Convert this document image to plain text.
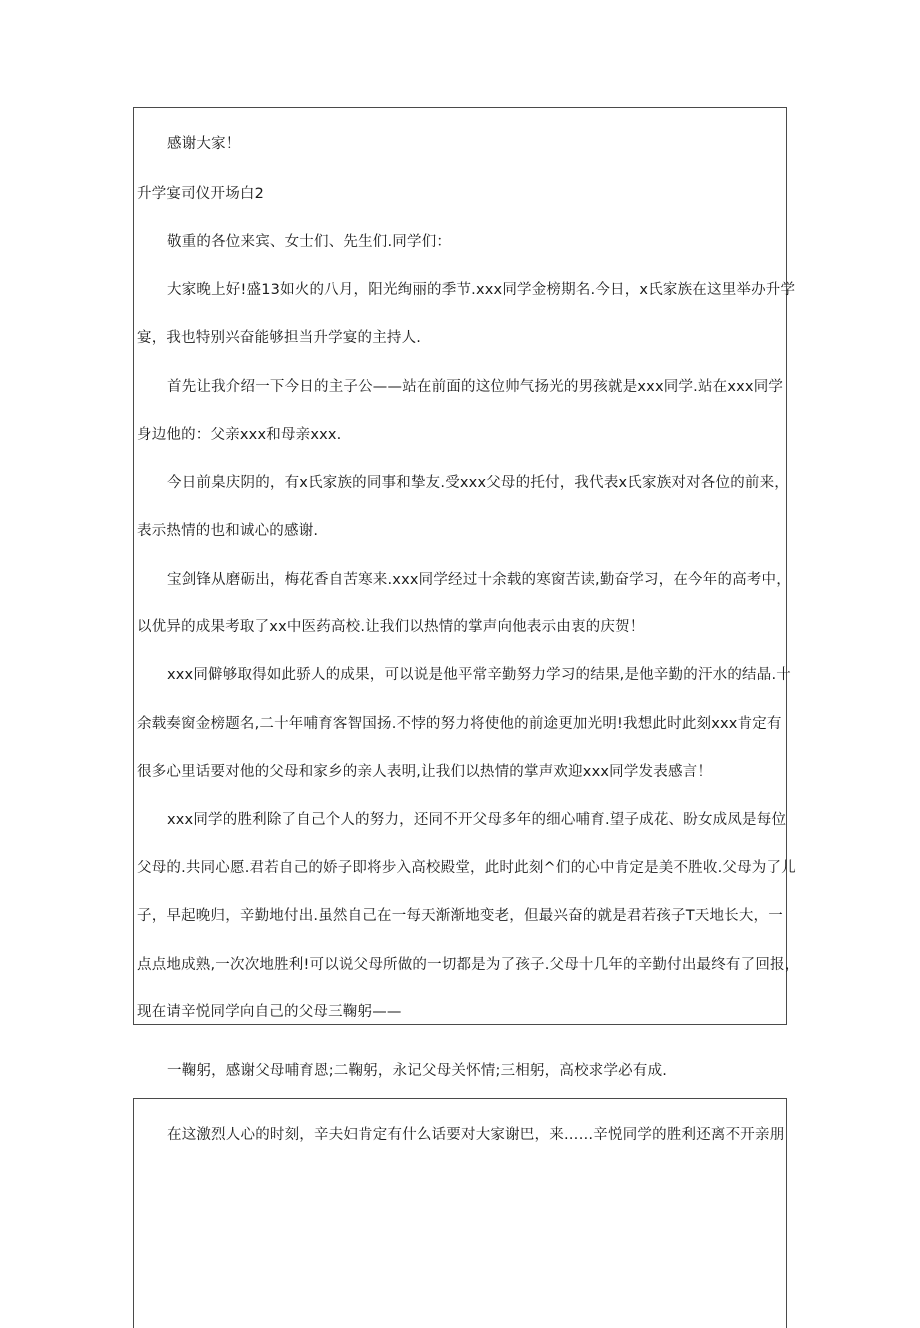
感谢大家！
升学宴司仪开场白2
敬重的各位来宾、女士们、先生们.同学们：
大家晚上好!盛13如火的八月，阳光绚丽的季节.xxx同学金榜期名.今日，x氏家族在这里举办升学
宴，我也特别兴奋能够担当升学宴的主持人.
首先让我介绍一下今日的主子公——站在前面的这位帅气扬光的男孩就是xxx同学.站在xxx同学
身边他的：父亲xxx和母亲xxx.
今日前臬庆阴的，有x氏家族的同事和挚友.受xxx父母的托付，我代表x氏家族对对各位的前来，
表示热情的也和诚心的感谢.
宝剑锋从磨砺出，梅花香自苦寒来.xxx同学经过十余载的寒窗苦读,勤奋学习，在今年的高考中，
以优异的成果考取了xx中医药高校.让我们以热情的掌声向他表示由衷的庆贺！
xxx同僻够取得如此骄人的成果，可以说是他平常辛勤努力学习的结果,是他辛勤的汗水的结晶.十
余载奏窗金榜题名,二十年哺育客智国扬.不悖的努力将使他的前途更加光明!我想此时此刻xxx肯定有
很多心里话要对他的父母和家乡的亲人表明,让我们以热情的掌声欢迎xxx同学发表感言！
xxx同学的胜利除了自己个人的努力，还同不开父母多年的细心哺育.望子成花、盼女成凤是每位
父母的.共同心愿.君若自己的娇子即将步入高校殿堂，此时此刻^们的心中肯定是美不胜收.父母为了儿
子，早起晚归，辛勤地付出.虽然自己在一每天渐渐地变老，但最兴奋的就是君若孩子T天地长大，一
点点地成熟,一次次地胜利!可以说父母所做的一切都是为了孩子.父母十几年的辛勤付出最终有了回报，
现在请辛悦同学向自己的父母三鞠躬——
一鞠躬，感谢父母哺育恩;二鞠躬，永记父母关怀情;三相躬，高校求学必有成.
在这激烈人心的时刻，辛夫妇肯定有什么话要对大家谢巴，来……辛悦同学的胜利还离不开亲朋
